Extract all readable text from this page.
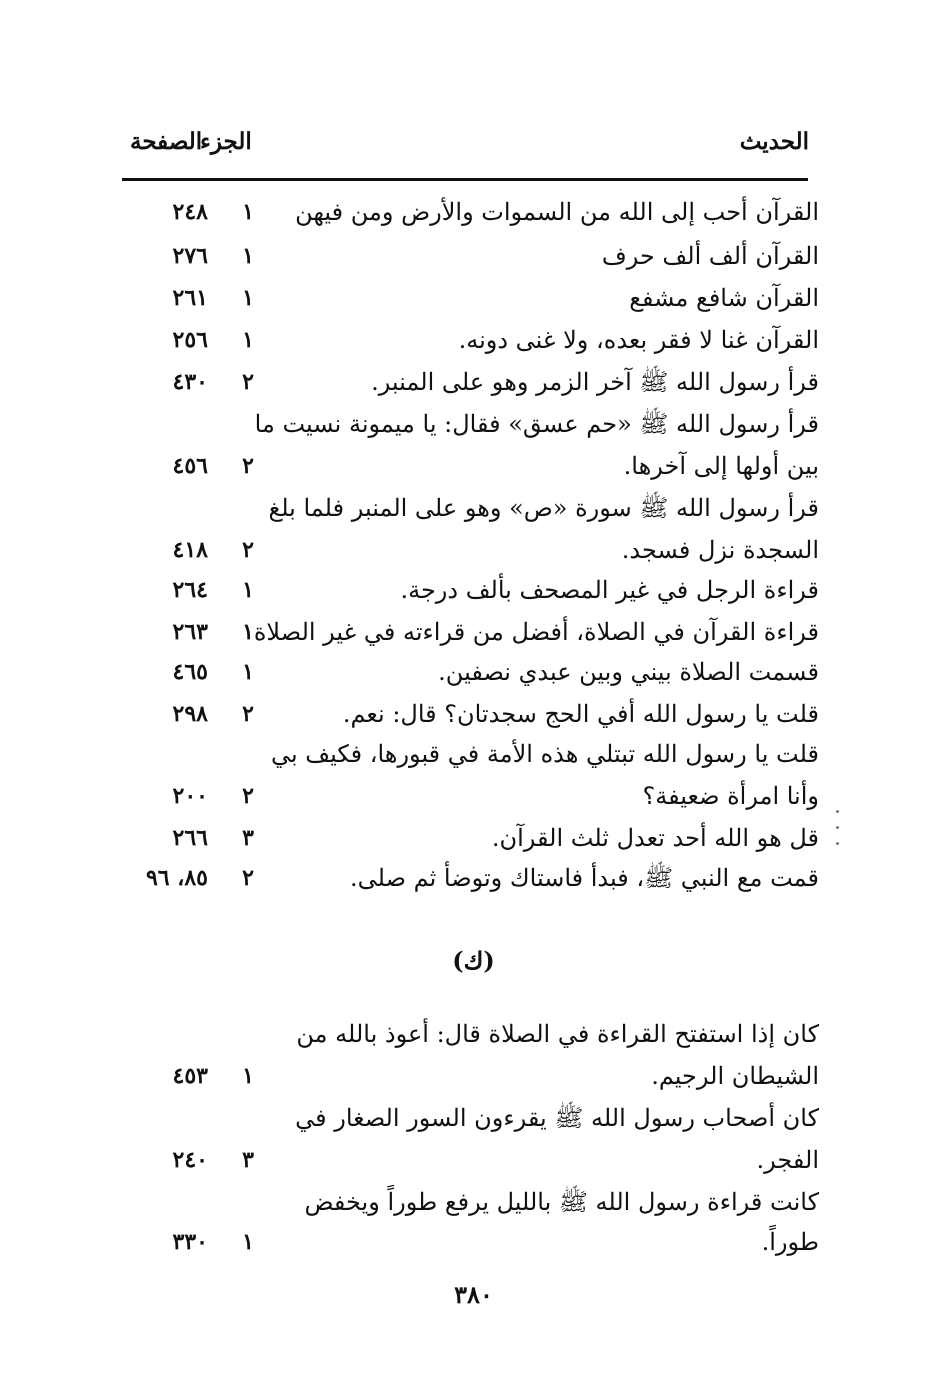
الحديث
الجزء
الصفحة
القرآن أحب إلى الله من السموات والأرض ومن فيهن
١
٢٤٨
القرآن ألف ألف حرف
١
٢٧٦
القرآن شافع مشفع
١
٢٦١
القرآن غنا لا فقر بعده، ولا غنى دونه.
١
٢٥٦
قرأ رسول الله ﷺ آخر الزمر وهو على المنبر.
٢
٤٣٠
قرأ رسول الله ﷺ «حم عسق» فقال: يا ميمونة نسيت ما
بين أولها إلى آخرها.
٢
٤٥٦
قرأ رسول الله ﷺ سورة «ص» وهو على المنبر فلما بلغ
السجدة نزل فسجد.
٢
٤١٨
قراءة الرجل في غير المصحف بألف درجة.
١
٢٦٤
قراءة القرآن في الصلاة، أفضل من قراءته في غير الصلاة
١
٢٦٣
قسمت الصلاة بيني وبين عبدي نصفين.
١
٤٦٥
قلت يا رسول الله أفي الحج سجدتان؟ قال: نعم.
٢
٢٩٨
قلت يا رسول الله تبتلي هذه الأمة في قبورها، فكيف بي
وأنا امرأة ضعيفة؟
٢
٢٠٠
قل هو الله أحد تعدل ثلث القرآن.
٣
٢٦٦
قمت مع النبي ﷺ، فبدأ فاستاك وتوضأ ثم صلى.
٢
٨٥، ٩٦
(ك)
كان إذا استفتح القراءة في الصلاة قال: أعوذ بالله من
الشيطان الرجيم.
١
٤٥٣
كان أصحاب رسول الله ﷺ يقرءون السور الصغار في
الفجر.
٣
٢٤٠
كانت قراءة رسول الله ﷺ بالليل يرفع طوراً ويخفض
طوراً.
١
٣٣٠
٣٨٠
